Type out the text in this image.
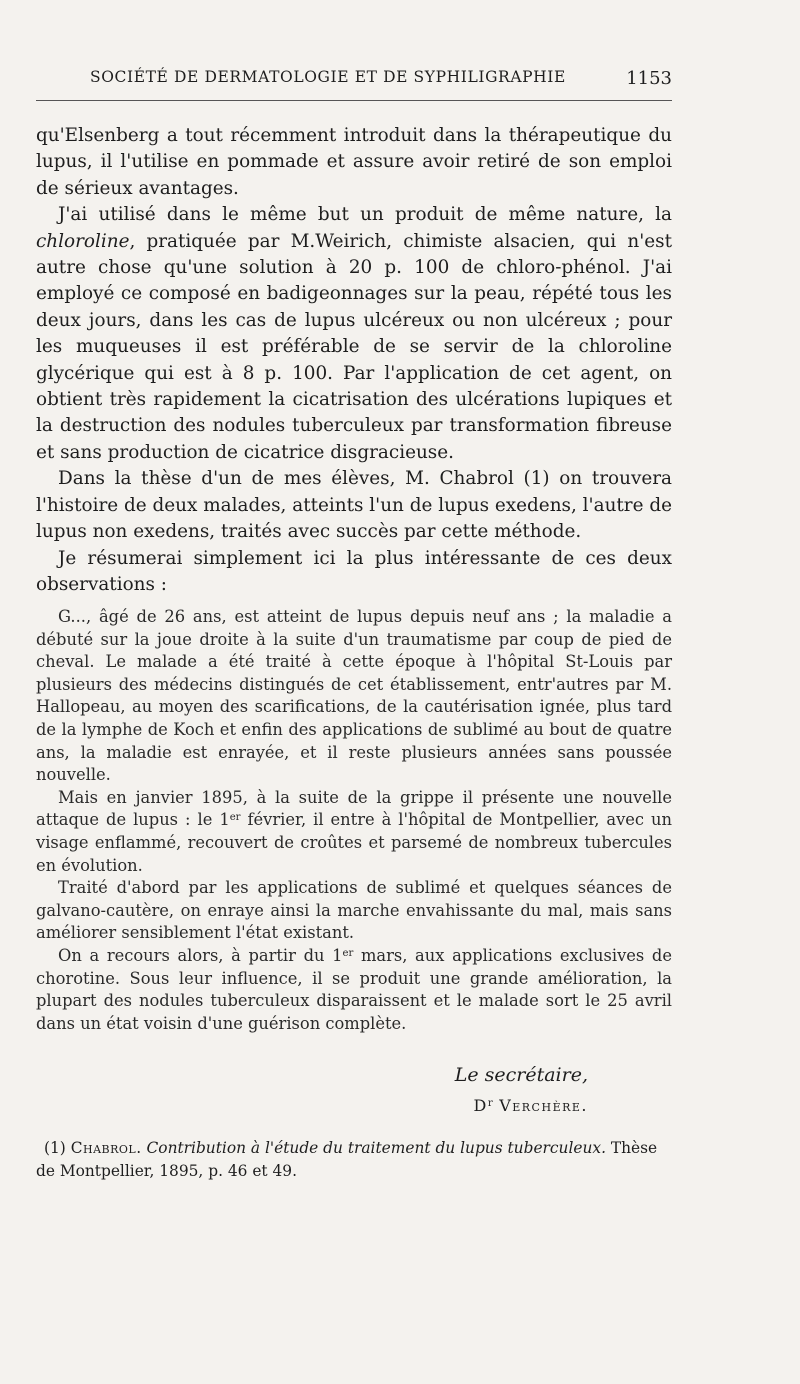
SOCIÉTÉ DE DERMATOLOGIE ET DE SYPHILIGRAPHIE	1153

qu'Elsenberg a tout récemment introduit dans la thérapeutique du lupus, il l'utilise en pommade et assure avoir retiré de son emploi de sérieux avantages.

J'ai utilisé dans le même but un produit de même nature, la chloroline, pratiquée par M.Weirich, chimiste alsacien, qui n'est autre chose qu'une solution à 20 p. 100 de chloro-phénol. J'ai employé ce composé en badigeonnages sur la peau, répété tous les deux jours, dans les cas de lupus ulcéreux ou non ulcéreux ; pour les muqueuses il est préférable de se servir de la chloroline glycérique qui est à 8 p. 100. Par l'application de cet agent, on obtient très rapidement la cicatrisation des ulcérations lupiques et la destruction des nodules tuberculeux par transformation fibreuse et sans production de cicatrice disgracieuse.

Dans la thèse d'un de mes élèves, M. Chabrol (1) on trouvera l'histoire de deux malades, atteints l'un de lupus exedens, l'autre de lupus non exedens, traités avec succès par cette méthode.

Je résumerai simplement ici la plus intéressante de ces deux observations :

G..., âgé de 26 ans, est atteint de lupus depuis neuf ans ; la maladie a débuté sur la joue droite à la suite d'un traumatisme par coup de pied de cheval. Le malade a été traité à cette époque à l'hôpital St-Louis par plusieurs des médecins distingués de cet établissement, entr'autres par M. Hallopeau, au moyen des scarifications, de la cautérisation ignée, plus tard de la lymphe de Koch et enfin des applications de sublimé au bout de quatre ans, la maladie est enrayée, et il reste plusieurs années sans poussée nouvelle.

Mais en janvier 1895, à la suite de la grippe il présente une nouvelle attaque de lupus : le 1er février, il entre à l'hôpital de Montpellier, avec un visage enflammé, recouvert de croûtes et parsemé de nombreux tubercules en évolution.

Traité d'abord par les applications de sublimé et quelques séances de galvano-cautère, on enraye ainsi la marche envahissante du mal, mais sans améliorer sensiblement l'état existant.

On a recours alors, à partir du 1er mars, aux applications exclusives de chorotine. Sous leur influence, il se produit une grande amélioration, la plupart des nodules tuberculeux disparaissent et le malade sort le 25 avril dans un état voisin d'une guérison complète.

Le secrétaire,
$D^r$ Verchère.

(1) Chabrol. Contribution à l'étude du traitement du lupus tuberculeux. Thèse

de Montpellier, 1895, p. 46 et 49.
